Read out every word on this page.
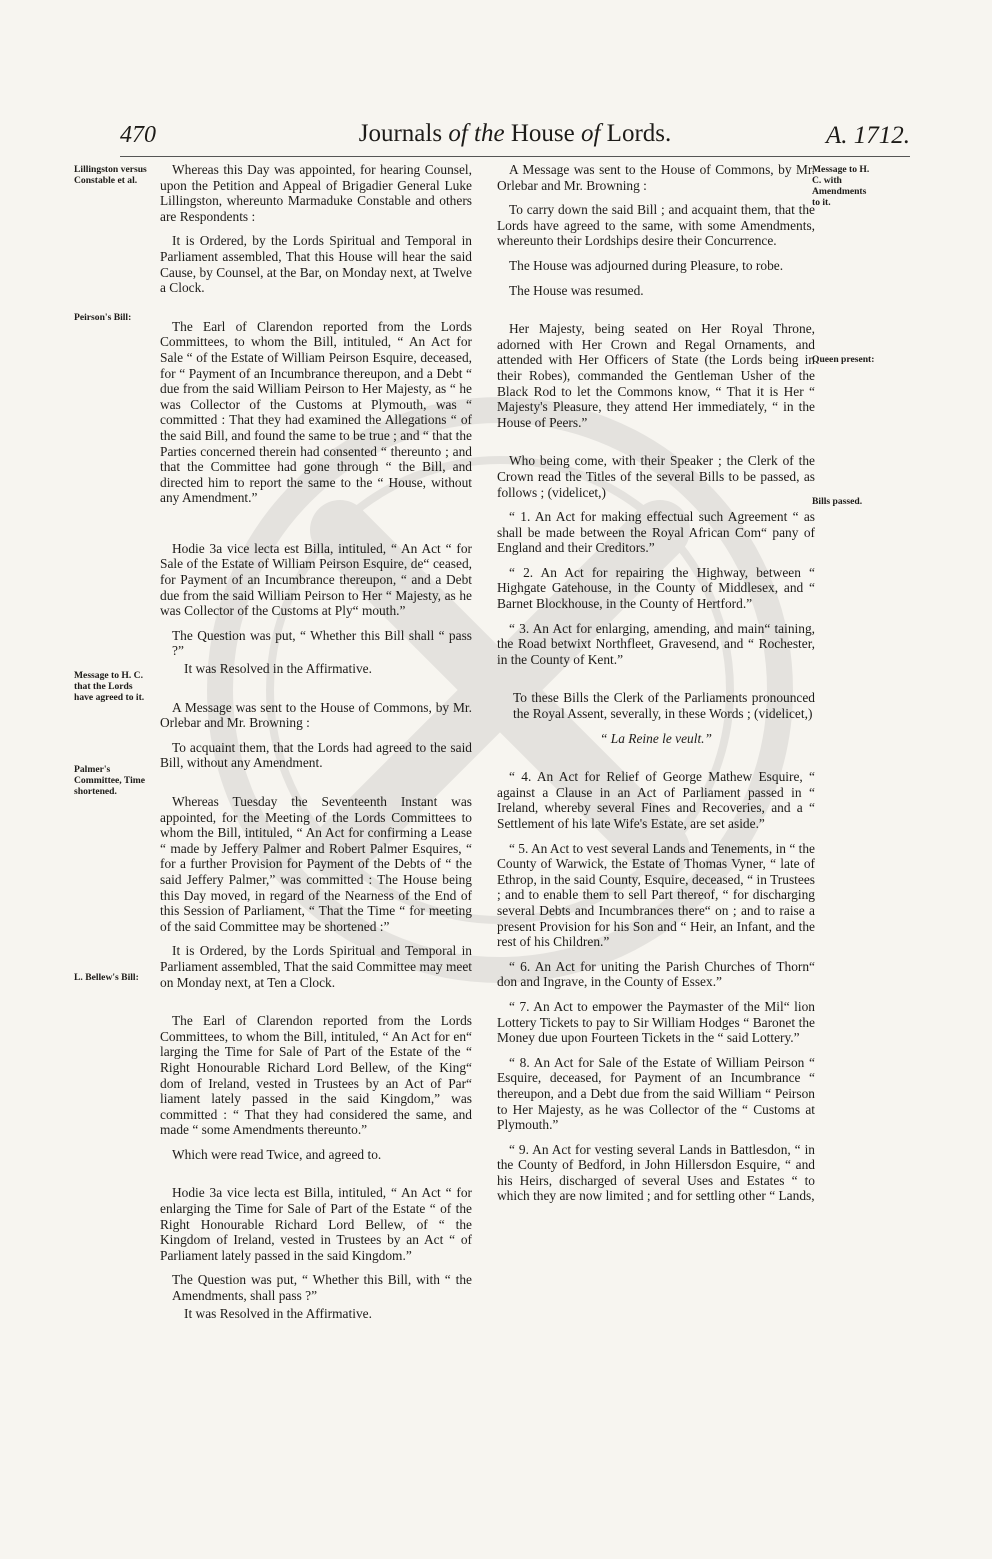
470	Journals of the House of Lords.	A. 1712.
Lillingston versus Constable et al.
Peirson's Bill:
Message to H. C. that the Lords have agreed to it.
Palmer's Committee, Time shortened.
L. Bellew's Bill:
Message to H. C. with Amendments to it.
Queen present:
Bills passed.

Whereas this Day was appointed, for hearing Counsel, upon the Petition and Appeal of Brigadier General Luke Lillingston, whereunto Marmaduke Constable and others are Respondents :

It is Ordered, by the Lords Spiritual and Temporal in Parliament assembled, That this House will hear the said Cause, by Counsel, at the Bar, on Monday next, at Twelve a Clock.

The Earl of Clarendon reported from the Lords Committees, to whom the Bill, intituled, “ An Act for Sale “ of the Estate of William Peirson Esquire, deceased, for “ Payment of an Incumbrance thereupon, and a Debt “ due from the said William Peirson to Her Majesty, as “ he was Collector of the Customs at Plymouth, was “ committed : That they had examined the Allegations “ of the said Bill, and found the same to be true ; and “ that the Parties concerned therein had consented “ thereunto ; and that the Committee had gone through “ the Bill, and directed him to report the same to the “ House, without any Amendment.”

Hodie 3a vice lecta est Billa, intituled, “ An Act “ for Sale of the Estate of William Peirson Esquire, de“ ceased, for Payment of an Incumbrance thereupon, “ and a Debt due from the said William Peirson to Her “ Majesty, as he was Collector of the Customs at Ply“ mouth.”

The Question was put, “ Whether this Bill shall “ pass ?”

It was Resolved in the Affirmative.

A Message was sent to the House of Commons, by Mr. Orlebar and Mr. Browning :

To acquaint them, that the Lords had agreed to the said Bill, without any Amendment.

Whereas Tuesday the Seventeenth Instant was appointed, for the Meeting of the Lords Committees to whom the Bill, intituled, “ An Act for confirming a Lease “ made by Jeffery Palmer and Robert Palmer Esquires, “ for a further Provision for Payment of the Debts of “ the said Jeffery Palmer,” was committed : The House being this Day moved, in regard of the Nearness of the End of this Session of Parliament, “ That the Time “ for meeting of the said Committee may be shortened :”

It is Ordered, by the Lords Spiritual and Temporal in Parliament assembled, That the said Committee may meet on Monday next, at Ten a Clock.

The Earl of Clarendon reported from the Lords Committees, to whom the Bill, intituled, “ An Act for en“ larging the Time for Sale of Part of the Estate of the “ Right Honourable Richard Lord Bellew, of the King“ dom of Ireland, vested in Trustees by an Act of Par“ liament lately passed in the said Kingdom,” was committed : “ That they had considered the same, and made “ some Amendments thereunto.”

Which were read Twice, and agreed to.

Hodie 3a vice lecta est Billa, intituled, “ An Act “ for enlarging the Time for Sale of Part of the Estate “ of the Right Honourable Richard Lord Bellew, of “ the Kingdom of Ireland, vested in Trustees by an Act “ of Parliament lately passed in the said Kingdom.”

The Question was put, “ Whether this Bill, with “ the Amendments, shall pass ?”

It was Resolved in the Affirmative.

A Message was sent to the House of Commons, by Mr. Orlebar and Mr. Browning :

To carry down the said Bill ; and acquaint them, that the Lords have agreed to the same, with some Amendments, whereunto their Lordships desire their Concurrence.

The House was adjourned during Pleasure, to robe.

The House was resumed.

Her Majesty, being seated on Her Royal Throne, adorned with Her Crown and Regal Ornaments, and attended with Her Officers of State (the Lords being in their Robes), commanded the Gentleman Usher of the Black Rod to let the Commons know, “ That it is Her “ Majesty's Pleasure, they attend Her immediately, “ in the House of Peers.”

Who being come, with their Speaker ; the Clerk of the Crown read the Titles of the several Bills to be passed, as follows ; (videlicet,)

“ 1. An Act for making effectual such Agreement “ as shall be made between the Royal African Com“ pany of England and their Creditors.”

“ 2. An Act for repairing the Highway, between “ Highgate Gatehouse, in the County of Middlesex, and “ Barnet Blockhouse, in the County of Hertford.”

“ 3. An Act for enlarging, amending, and main“ taining, the Road betwixt Northfleet, Gravesend, and “ Rochester, in the County of Kent.”

To these Bills the Clerk of the Parliaments pronounced the Royal Assent, severally, in these Words ; (videlicet,)

“ La Reine le veult.”

“ 4. An Act for Relief of George Mathew Esquire, “ against a Clause in an Act of Parliament passed in “ Ireland, whereby several Fines and Recoveries, and a “ Settlement of his late Wife's Estate, are set aside.”

“ 5. An Act to vest several Lands and Tenements, in “ the County of Warwick, the Estate of Thomas Vyner, “ late of Ethrop, in the said County, Esquire, deceased, “ in Trustees ; and to enable them to sell Part thereof, “ for discharging several Debts and Incumbrances there“ on ; and to raise a present Provision for his Son and “ Heir, an Infant, and the rest of his Children.”

“ 6. An Act for uniting the Parish Churches of Thorn“ don and Ingrave, in the County of Essex.”

“ 7. An Act to empower the Paymaster of the Mil“ lion Lottery Tickets to pay to Sir William Hodges “ Baronet the Money due upon Fourteen Tickets in the “ said Lottery.”

“ 8. An Act for Sale of the Estate of William Peirson “ Esquire, deceased, for Payment of an Incumbrance “ thereupon, and a Debt due from the said William “ Peirson to Her Majesty, as he was Collector of the “ Customs at Plymouth.”

“ 9. An Act for vesting several Lands in Battlesdon, “ in the County of Bedford, in John Hillersdon Esquire, “ and his Heirs, discharged of several Uses and Estates “ to which they are now limited ; and for settling other “ Lands,
